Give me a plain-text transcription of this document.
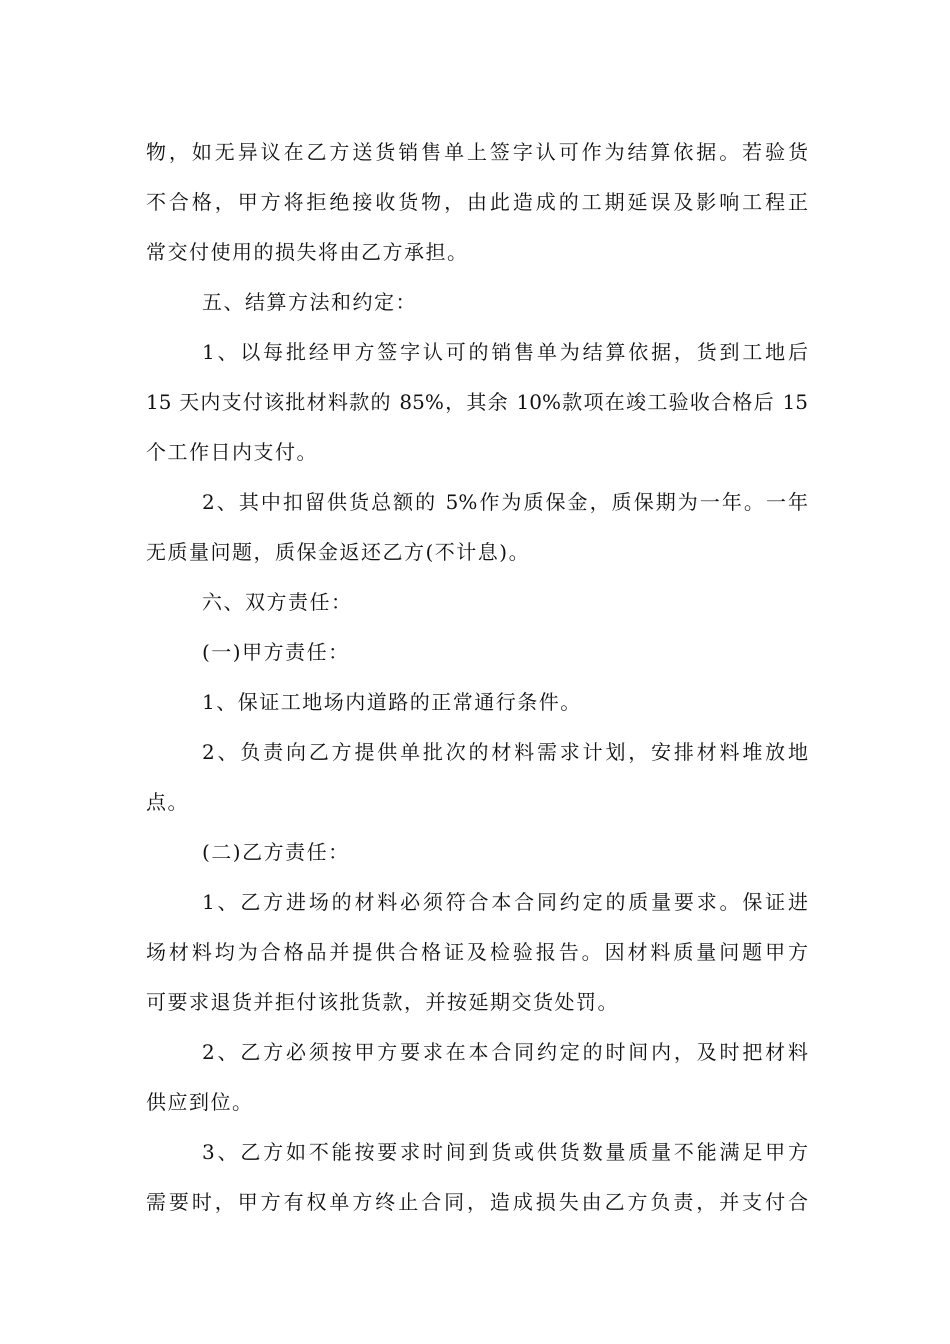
物，如无异议在乙方送货销售单上签字认可作为结算依据。若验货
不合格，甲方将拒绝接收货物，由此造成的工期延误及影响工程正
常交付使用的损失将由乙方承担。
五、结算方法和约定：
1、以每批经甲方签字认可的销售单为结算依据，货到工地后
15 天内支付该批材料款的 85%，其余 10%款项在竣工验收合格后 15
个工作日内支付。
2、其中扣留供货总额的 5%作为质保金，质保期为一年。一年
无质量问题，质保金返还乙方(不计息)。
六、双方责任：
(一)甲方责任：
1、保证工地场内道路的正常通行条件。
2、负责向乙方提供单批次的材料需求计划，安排材料堆放地
点。
(二)乙方责任：
1、乙方进场的材料必须符合本合同约定的质量要求。保证进
场材料均为合格品并提供合格证及检验报告。因材料质量问题甲方
可要求退货并拒付该批货款，并按延期交货处罚。
2、乙方必须按甲方要求在本合同约定的时间内，及时把材料
供应到位。
3、乙方如不能按要求时间到货或供货数量质量不能满足甲方
需要时，甲方有权单方终止合同，造成损失由乙方负责，并支付合
